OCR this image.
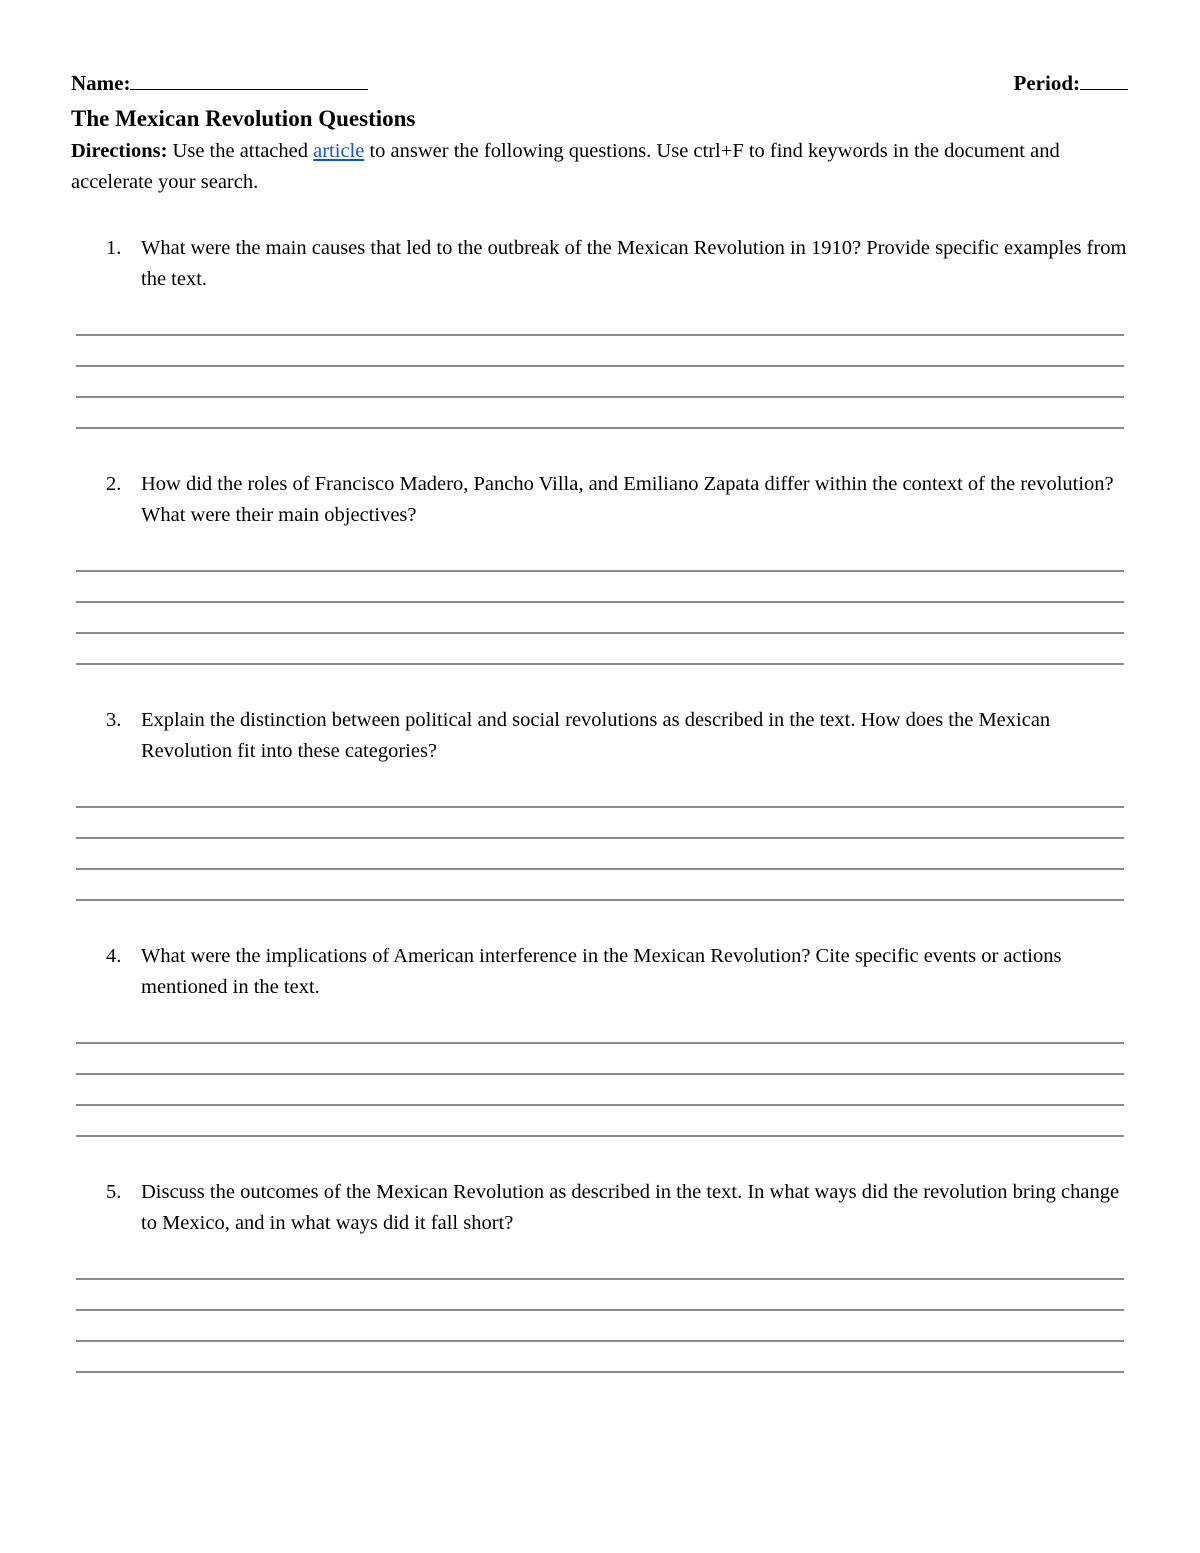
Name:	Period:
The Mexican Revolution Questions
Directions: Use the attached article to answer the following questions. Use ctrl+F to find keywords in the document and accelerate your search.
1. What were the main causes that led to the outbreak of the Mexican Revolution in 1910? Provide specific examples from the text.
2. How did the roles of Francisco Madero, Pancho Villa, and Emiliano Zapata differ within the context of the revolution? What were their main objectives?
3. Explain the distinction between political and social revolutions as described in the text. How does the Mexican Revolution fit into these categories?
4. What were the implications of American interference in the Mexican Revolution? Cite specific events or actions mentioned in the text.
5. Discuss the outcomes of the Mexican Revolution as described in the text. In what ways did the revolution bring change to Mexico, and in what ways did it fall short?
